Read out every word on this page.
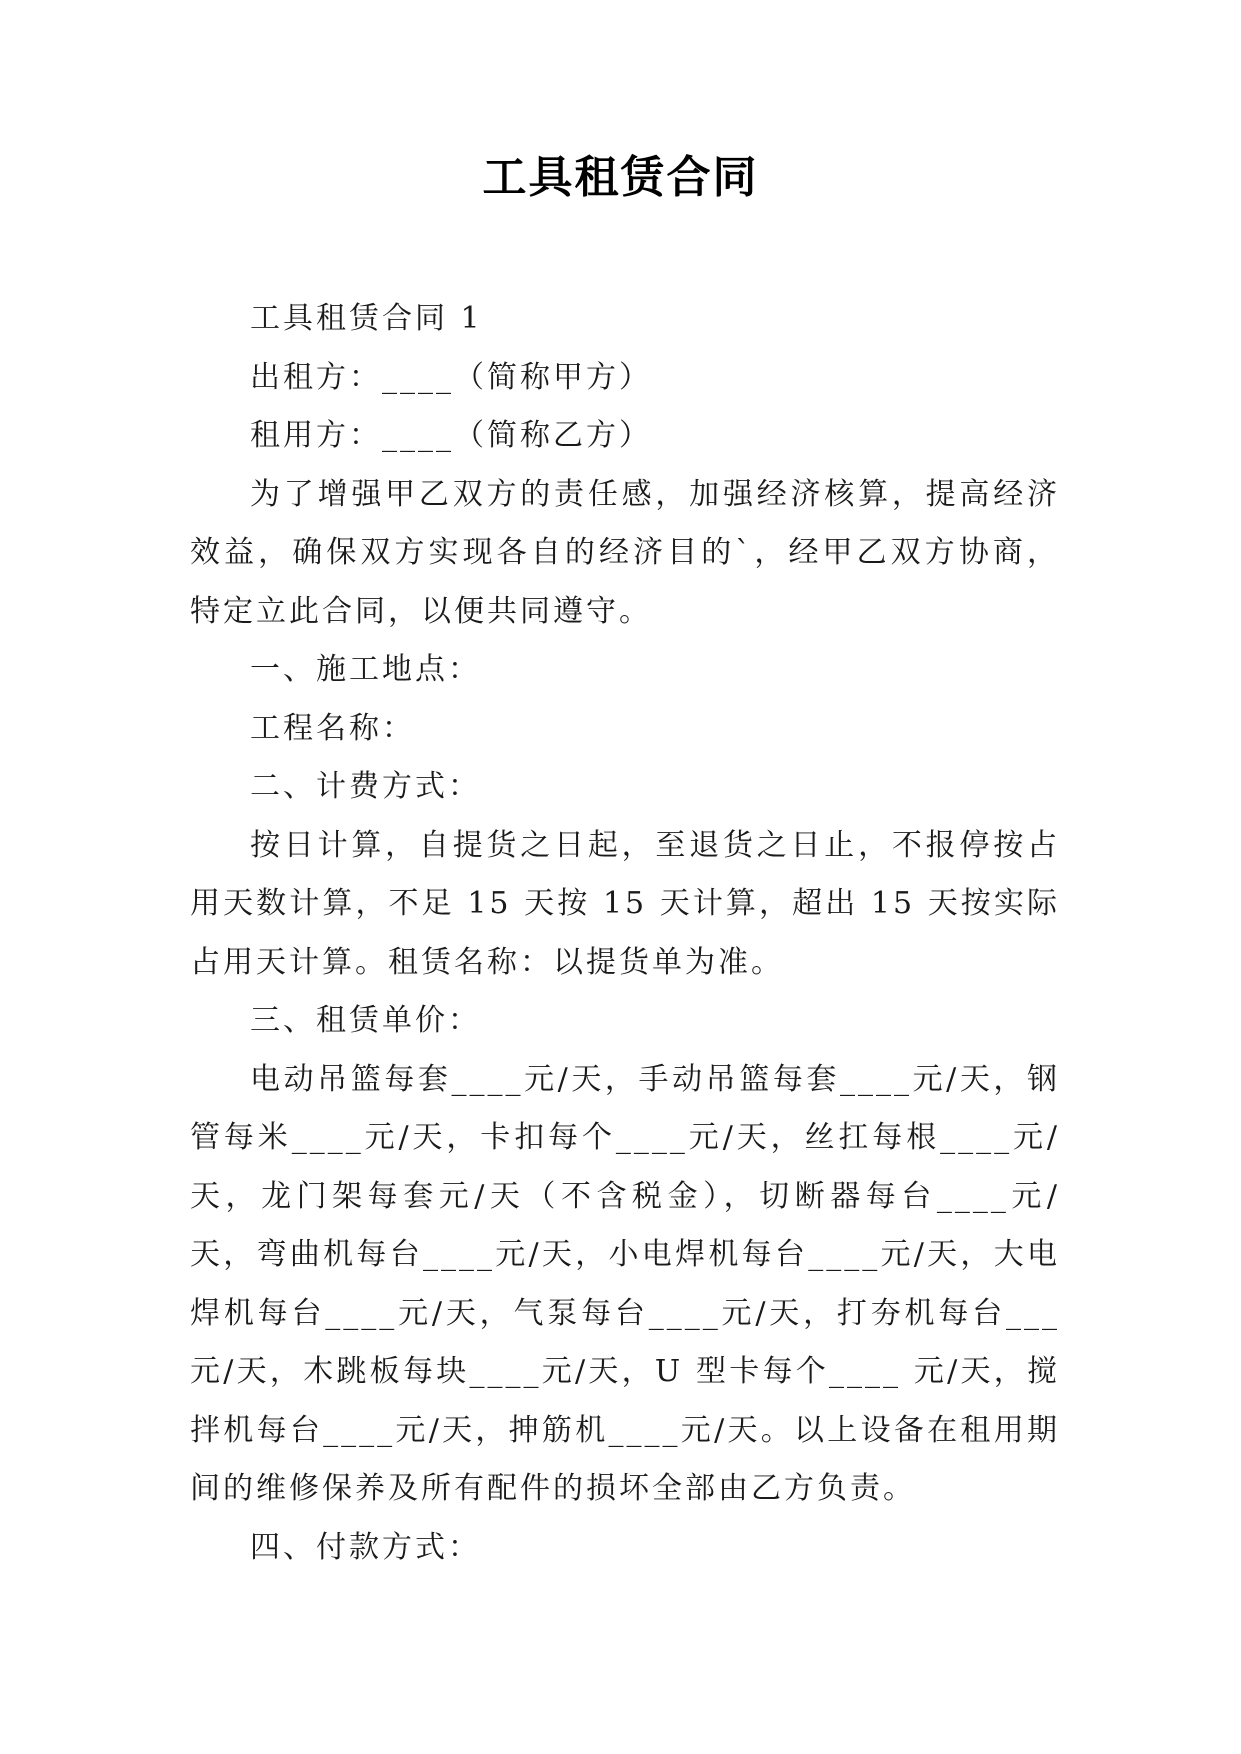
工具租赁合同

工具租赁合同 1

出租方：____（简称甲方）

租用方：____（简称乙方）

为了增强甲乙双方的责任感，加强经济核算，提高经济效益，确保双方实现各自的经济目的`，经甲乙双方协商，特定立此合同，以便共同遵守。

一、施工地点：

工程名称：

二、计费方式：

按日计算，自提货之日起，至退货之日止，不报停按占用天数计算，不足 15 天按 15 天计算，超出 15 天按实际占用天计算。租赁名称：以提货单为准。

三、租赁单价：

电动吊篮每套____元/天，手动吊篮每套____元/天，钢管每米____元/天，卡扣每个____元/天，丝扛每根____元/天，龙门架每套元/天（不含税金），切断器每台____元/天，弯曲机每台____元/天，小电焊机每台____元/天，大电焊机每台____元/天，气泵每台____元/天，打夯机每台___元/天，木跳板每块____元/天，U 型卡每个____ 元/天，搅拌机每台____元/天，抻筋机____元/天。以上设备在租用期间的维修保养及所有配件的损坏全部由乙方负责。

四、付款方式：
